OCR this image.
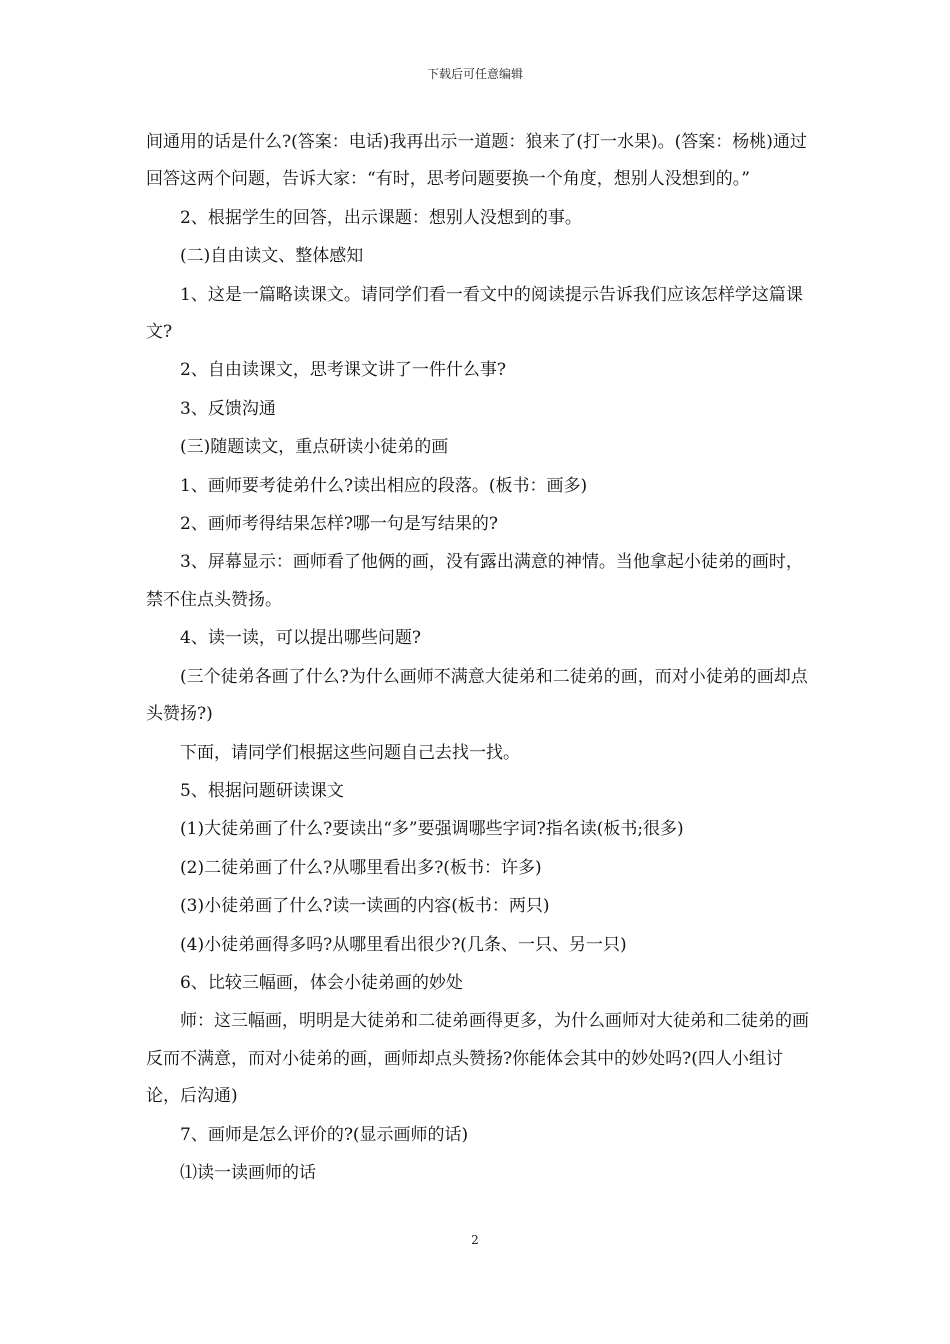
下载后可任意编辑

间通用的话是什么?(答案：电话)我再出示一道题：狼来了(打一水果)。(答案：杨桃)通过回答这两个问题，告诉大家：“有时，思考问题要换一个角度，想别人没想到的。”

2、根据学生的回答，出示课题：想别人没想到的事。

(二)自由读文、整体感知

1、这是一篇略读课文。请同学们看一看文中的阅读提示告诉我们应该怎样学这篇课文?

2、自由读课文，思考课文讲了一件什么事?

3、反馈沟通

(三)随题读文，重点研读小徒弟的画

1、画师要考徒弟什么?读出相应的段落。(板书：画多)

2、画师考得结果怎样?哪一句是写结果的?

3、屏幕显示：画师看了他俩的画，没有露出满意的神情。当他拿起小徒弟的画时，禁不住点头赞扬。

4、读一读，可以提出哪些问题?

(三个徒弟各画了什么?为什么画师不满意大徒弟和二徒弟的画，而对小徒弟的画却点头赞扬?)

下面，请同学们根据这些问题自己去找一找。

5、根据问题研读课文

(1)大徒弟画了什么?要读出“多”要强调哪些字词?指名读(板书;很多)

(2)二徒弟画了什么?从哪里看出多?(板书：许多)

(3)小徒弟画了什么?读一读画的内容(板书：两只)

(4)小徒弟画得多吗?从哪里看出很少?(几条、一只、另一只)

6、比较三幅画，体会小徒弟画的妙处

师：这三幅画，明明是大徒弟和二徒弟画得更多，为什么画师对大徒弟和二徒弟的画反而不满意，而对小徒弟的画，画师却点头赞扬?你能体会其中的妙处吗?(四人小组讨论，后沟通)

7、画师是怎么评价的?(显示画师的话)

⑴读一读画师的话

2
